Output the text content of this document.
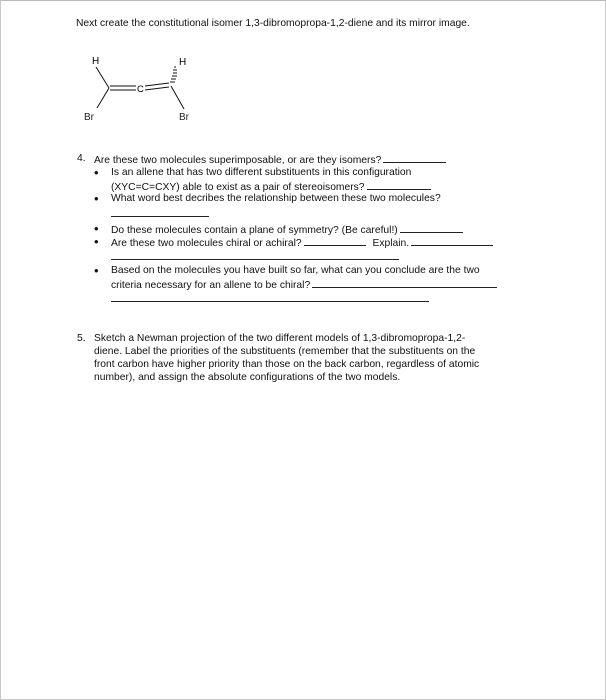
Next create the constitutional isomer 1,3-dibromopropa-1,2-diene and its mirror image.
H	H
C
Br	Br
4. Are these two molecules superimposable, or are they isomers?
• Is an allene that has two different substituents in this configuration
(XYC=C=CXY) able to exist as a pair of stereoisomers?
• What word best decribes the relationship between these two molecules?
• Do these molecules contain a plane of symmetry? (Be careful!)
• Are these two molecules chiral or achiral?	Explain.
• Based on the molecules you have built so far, what can you conclude are the two
criteria necessary for an allene to be chiral?
5. Sketch a Newman projection of the two different models of 1,3-dibromopropa-1,2-
diene. Label the priorities of the substituents (remember that the substituents on the
front carbon have higher priority than those on the back carbon, regardless of atomic
number), and assign the absolute configurations of the two models.
